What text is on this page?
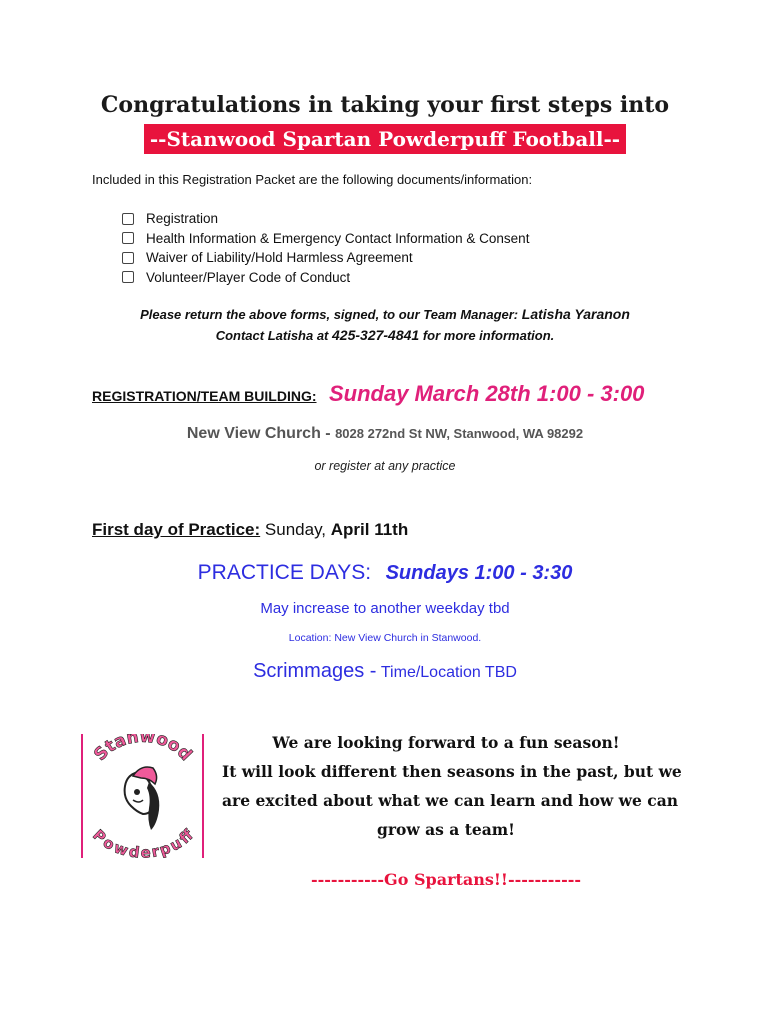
Congratulations in taking your first steps into
--Stanwood Spartan Powderpuff Football--
Included in this Registration Packet are the following documents/information:
Registration
Health Information & Emergency Contact Information & Consent
Waiver of Liability/Hold Harmless Agreement
Volunteer/Player Code of Conduct
Please return the above forms, signed, to our Team Manager: Latisha Yaranon
Contact Latisha at 425-327-4841 for more information.
REGISTRATION/TEAM BUILDING: Sunday March 28th 1:00 - 3:00
New View Church - 8028 272nd St NW, Stanwood, WA 98292
or register at any practice
First day of Practice: Sunday, April 11th
PRACTICE DAYS: Sundays 1:00 - 3:30
May increase to another weekday tbd
Location: New View Church in Stanwood.
Scrimmages - Time/Location TBD
Stanwood
Powderpuff
We are looking forward to a fun season!
It will look different then seasons in the past, but we
are excited about what we can learn and how we can
grow as a team!
-----------Go Spartans!!-----------
